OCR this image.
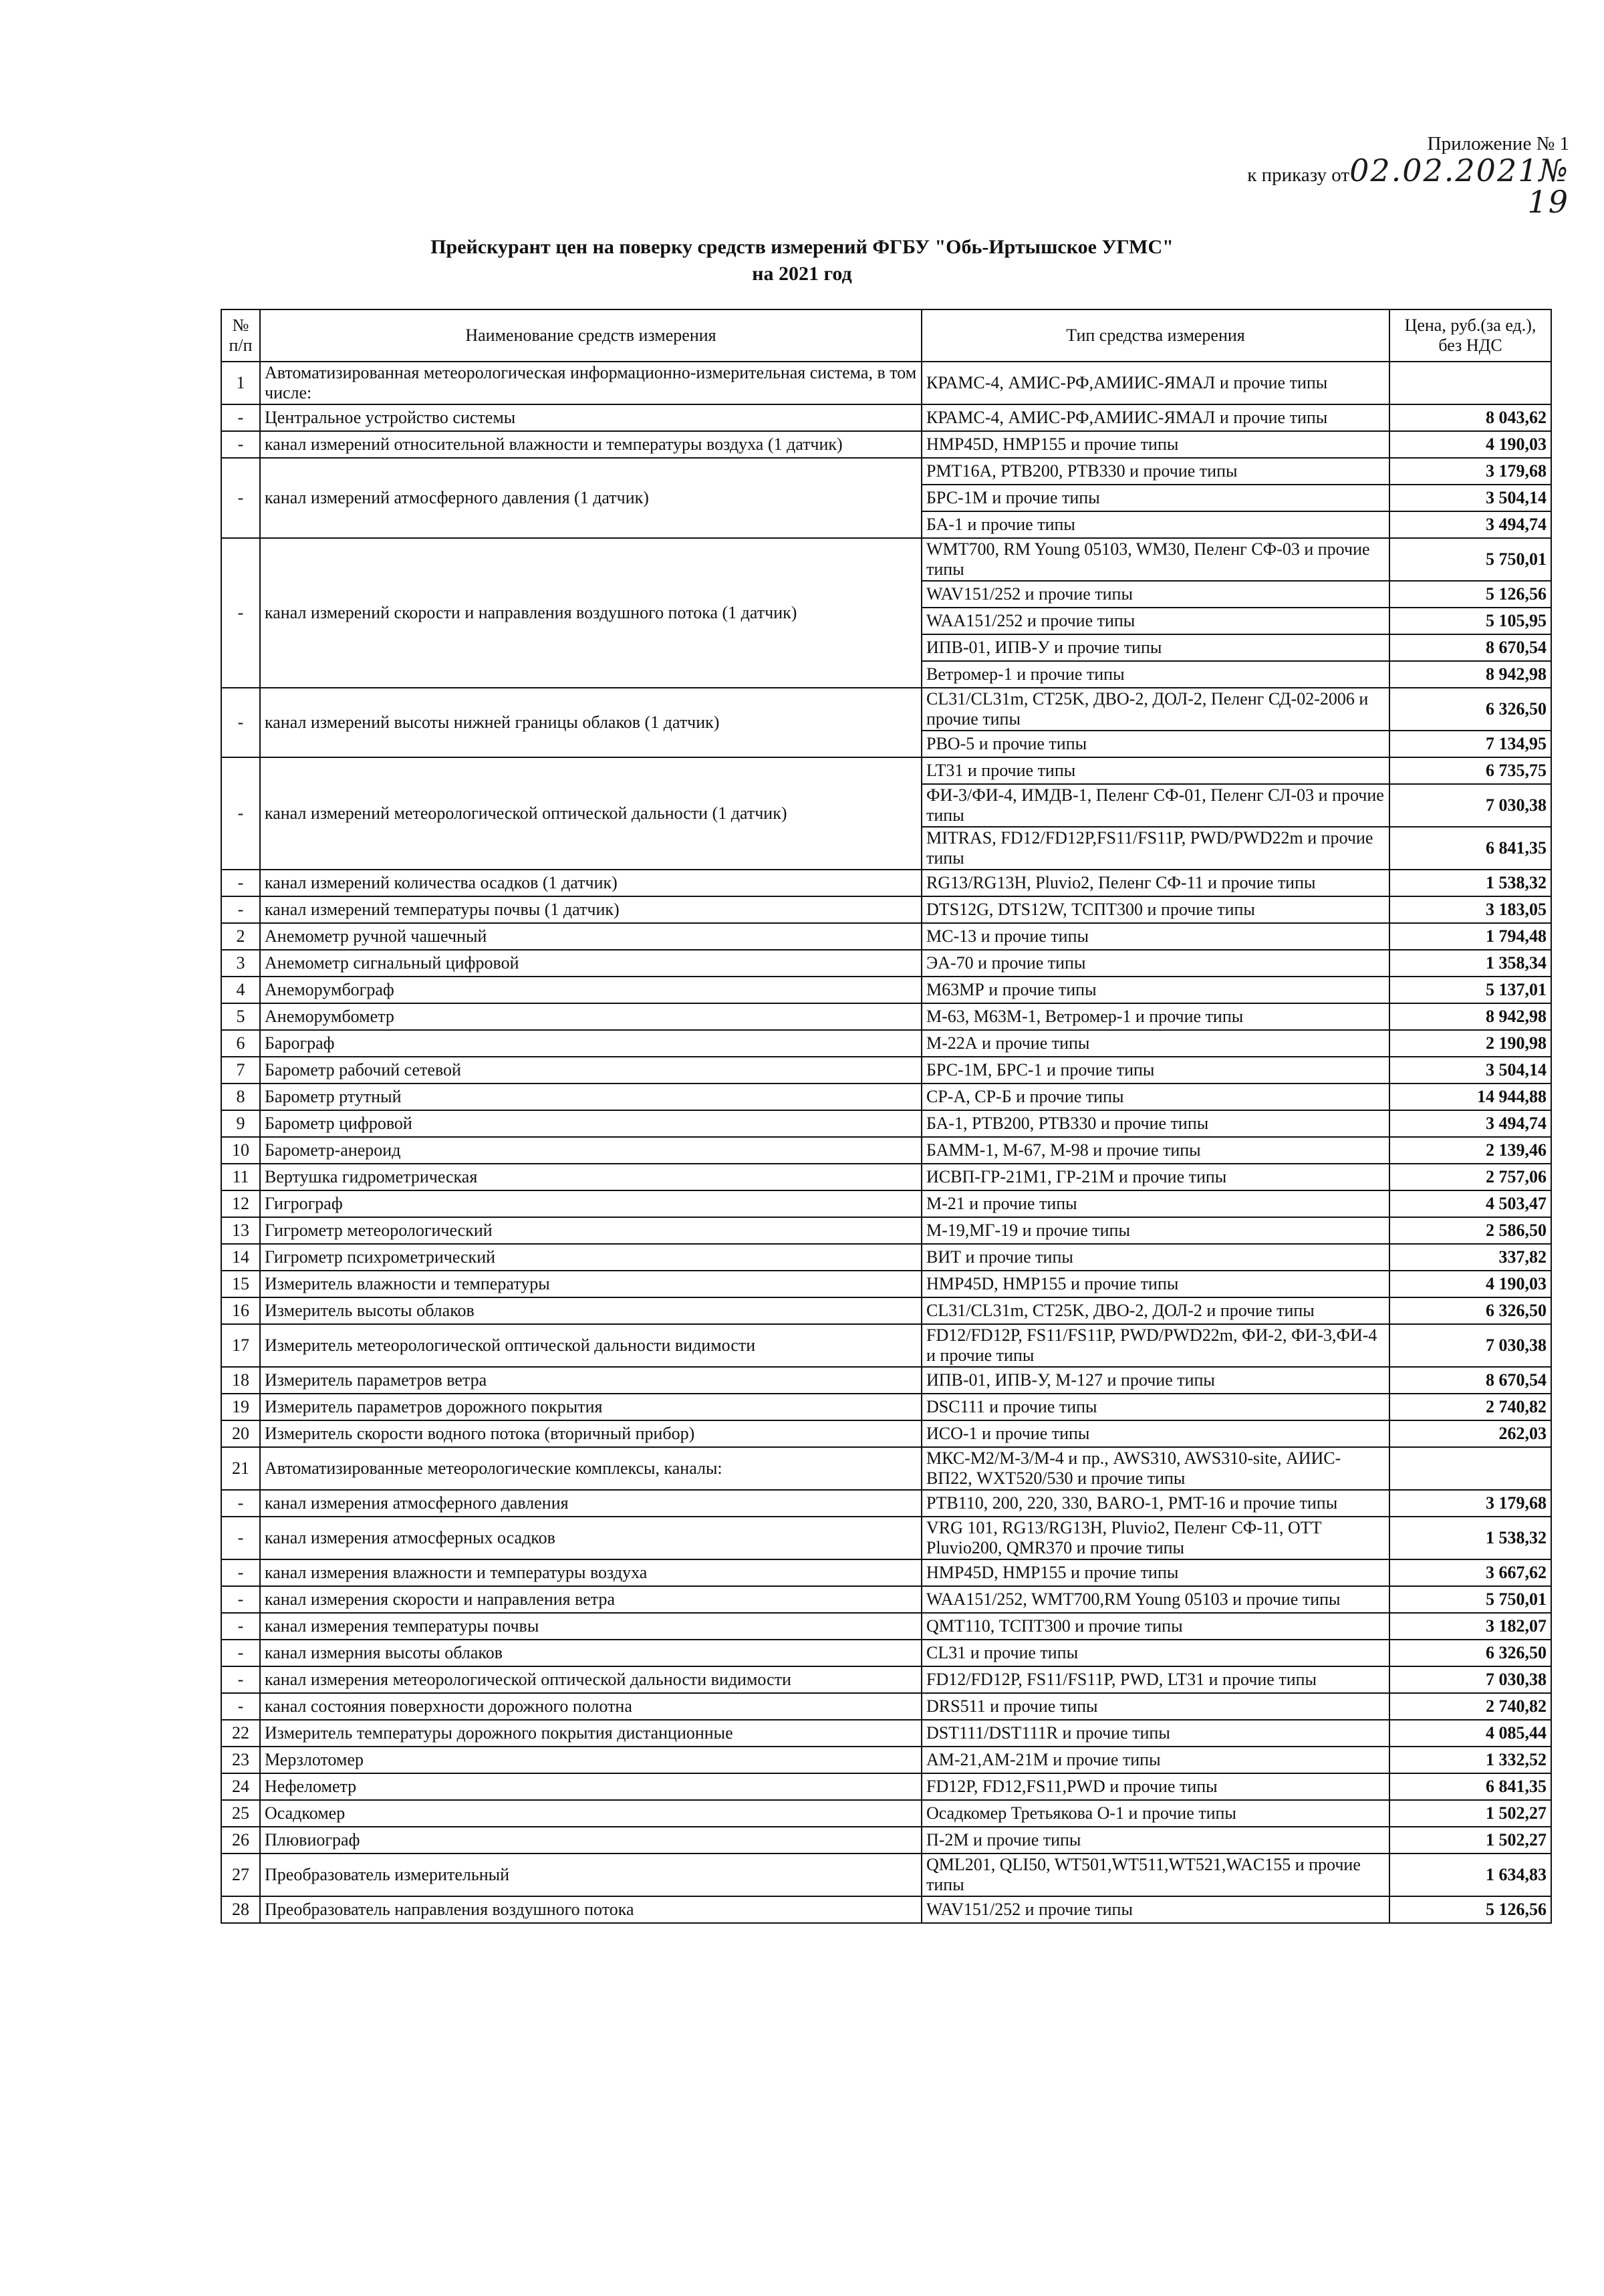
Приложение № 1
к приказу от02.02.2021№ 19
Прейскурант цен на поверку средств измерений ФГБУ "Обь-Иртышское УГМС"
на 2021 год
№ п/п	Наименование средств измерения	Тип средства измерения	Цена, руб.(за ед.), без НДС
1	Автоматизированная метеорологическая информационно-измерительная система, в том числе:	КРАМС-4, АМИС-РФ,АМИИС-ЯМАЛ и прочие типы	
-	Центральное устройство системы	КРАМС-4, АМИС-РФ,АМИИС-ЯМАЛ и прочие типы	8 043,62
-	канал измерений относительной влажности и температуры воздуха (1 датчик)	HMP45D, HMP155 и прочие типы	4 190,03
-	канал измерений атмосферного давления (1 датчик)	PMT16A, PTB200, PTB330 и прочие типы	3 179,68
		БРС-1М и прочие типы	3 504,14
		БА-1 и прочие типы	3 494,74
-	канал измерений скорости и направления воздушного потока (1 датчик)	WMT700, RM Young 05103, WM30, Пеленг СФ-03 и прочие типы	5 750,01
		WAV151/252 и прочие типы	5 126,56
		WAA151/252 и прочие типы	5 105,95
		ИПВ-01, ИПВ-У и прочие типы	8 670,54
		Ветромер-1 и прочие типы	8 942,98
-	канал измерений высоты нижней границы облаков (1 датчик)	CL31/CL31m, CT25K, ДВО-2, ДОЛ-2, Пеленг СД-02-2006 и прочие типы	6 326,50
		РВО-5 и прочие типы	7 134,95
-	канал измерений метеорологической оптической дальности (1 датчик)	LT31 и прочие типы	6 735,75
		ФИ-3/ФИ-4, ИМДВ-1, Пеленг СФ-01, Пеленг СЛ-03 и прочие типы	7 030,38
		MITRAS, FD12/FD12P,FS11/FS11P, PWD/PWD22m и прочие типы	6 841,35
-	канал измерений количества осадков (1 датчик)	RG13/RG13H, Pluvio2, Пеленг СФ-11 и прочие типы	1 538,32
-	канал измерений температуры почвы (1 датчик)	DTS12G, DTS12W, ТСПТ300 и прочие типы	3 183,05
2	Анемометр ручной чашечный	МС-13 и прочие типы	1 794,48
3	Анемометр сигнальный цифровой	ЭА-70 и прочие типы	1 358,34
4	Анеморумбограф	М63МР и прочие типы	5 137,01
5	Анеморумбометр	М-63, М63М-1, Ветромер-1 и прочие типы	8 942,98
6	Барограф	М-22А и прочие типы	2 190,98
7	Барометр рабочий сетевой	БРС-1М, БРС-1 и прочие типы	3 504,14
8	Барометр ртутный	СР-А, СР-Б и прочие типы	14 944,88
9	Барометр цифровой	БА-1, PTB200, PTB330 и прочие типы	3 494,74
10	Барометр-анероид	БАММ-1, М-67, М-98 и прочие типы	2 139,46
11	Вертушка гидрометрическая	ИСВП-ГР-21М1, ГР-21М и прочие типы	2 757,06
12	Гигрограф	М-21 и прочие типы	4 503,47
13	Гигрометр метеорологический	М-19,МГ-19 и прочие типы	2 586,50
14	Гигрометр психрометрический	ВИТ и прочие типы	337,82
15	Измеритель влажности и температуры	HMP45D, HMP155 и прочие типы	4 190,03
16	Измеритель высоты облаков	CL31/CL31m, CT25K, ДВО-2, ДОЛ-2 и прочие типы	6 326,50
17	Измеритель метеорологической оптической дальности видимости	FD12/FD12P, FS11/FS11P, PWD/PWD22m, ФИ-2, ФИ-3,ФИ-4 и прочие типы	7 030,38
18	Измеритель параметров ветра	ИПВ-01, ИПВ-У, М-127 и прочие типы	8 670,54
19	Измеритель параметров дорожного покрытия	DSC111 и прочие типы	2 740,82
20	Измеритель скорости водного потока (вторичный прибор)	ИСО-1 и прочие типы	262,03
21	Автоматизированные метеорологические комплексы, каналы:	МКС-М2/М-3/М-4 и пр., AWS310, AWS310-site, АИИС-ВП22, WXT520/530 и прочие типы	
-	канал измерения атмосферного давления	PTB110, 200, 220, 330, BARO-1, PMT-16 и прочие типы	3 179,68
-	канал измерения атмосферных осадков	VRG 101, RG13/RG13H, Pluvio2, Пеленг СФ-11, OTT Pluvio200, QMR370 и прочие типы	1 538,32
-	канал измерения влажности и температуры воздуха	HMP45D, HMP155 и прочие типы	3 667,62
-	канал измерения скорости и направления ветра	WAA151/252, WMT700,RM Young 05103 и прочие типы	5 750,01
-	канал измерения температуры почвы	QMT110, ТСПТ300 и прочие типы	3 182,07
-	канал измерния высоты облаков	CL31 и прочие типы	6 326,50
-	канал измерения метеорологической оптической дальности видимости	FD12/FD12P, FS11/FS11P, PWD, LT31 и прочие типы	7 030,38
-	канал состояния поверхности дорожного полотна	DRS511 и прочие типы	2 740,82
22	Измеритель температуры дорожного покрытия дистанционные	DST111/DST111R и прочие типы	4 085,44
23	Мерзлотомер	АМ-21,АМ-21М и прочие типы	1 332,52
24	Нефелометр	FD12P, FD12,FS11,PWD и прочие типы	6 841,35
25	Осадкомер	Осадкомер Третьякова О-1 и прочие типы	1 502,27
26	Плювиограф	П-2М и прочие типы	1 502,27
27	Преобразователь измерительный	QML201, QLI50, WT501,WT511,WT521,WAC155 и прочие типы	1 634,83
28	Преобразователь направления воздушного потока	WAV151/252 и прочие типы	5 126,56
